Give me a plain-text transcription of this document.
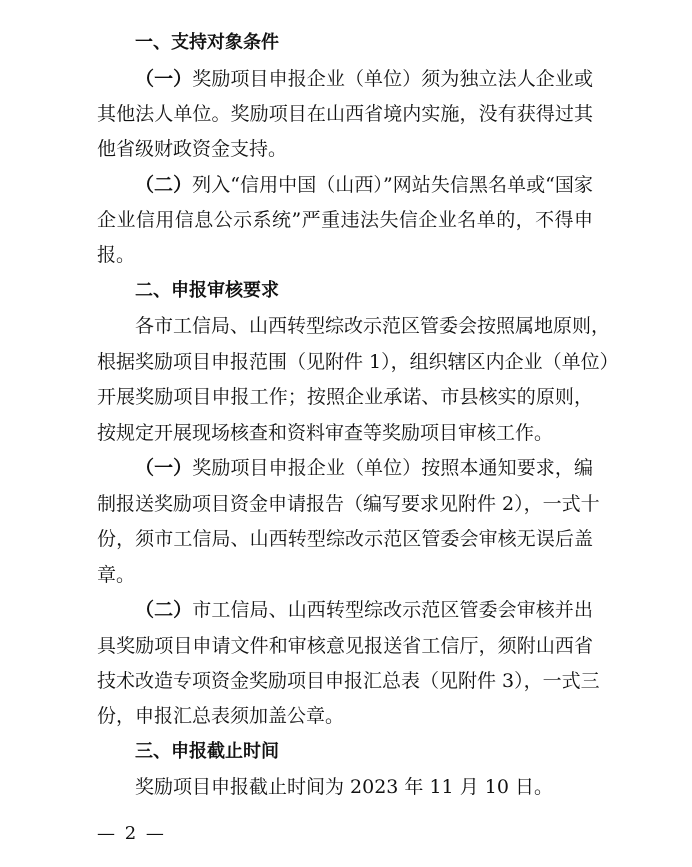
一、支持对象条件
（一）奖励项目申报企业（单位）须为独立法人企业或
其他法人单位。奖励项目在山西省境内实施，没有获得过其
他省级财政资金支持。
（二）列入“信用中国（山西）”网站失信黑名单或“国家
企业信用信息公示系统”严重违法失信企业名单的，不得申
报。
二、申报审核要求
各市工信局、山西转型综改示范区管委会按照属地原则，
根据奖励项目申报范围（见附件 1），组织辖区内企业（单位）
开展奖励项目申报工作；按照企业承诺、市县核实的原则，
按规定开展现场核查和资料审查等奖励项目审核工作。
（一）奖励项目申报企业（单位）按照本通知要求，编
制报送奖励项目资金申请报告（编写要求见附件 2），一式十
份，须市工信局、山西转型综改示范区管委会审核无误后盖
章。
（二）市工信局、山西转型综改示范区管委会审核并出
具奖励项目申请文件和审核意见报送省工信厅，须附山西省
技术改造专项资金奖励项目申报汇总表（见附件 3），一式三
份，申报汇总表须加盖公章。
三、申报截止时间
奖励项目申报截止时间为 2023 年 11 月 10 日。
— 2 —
